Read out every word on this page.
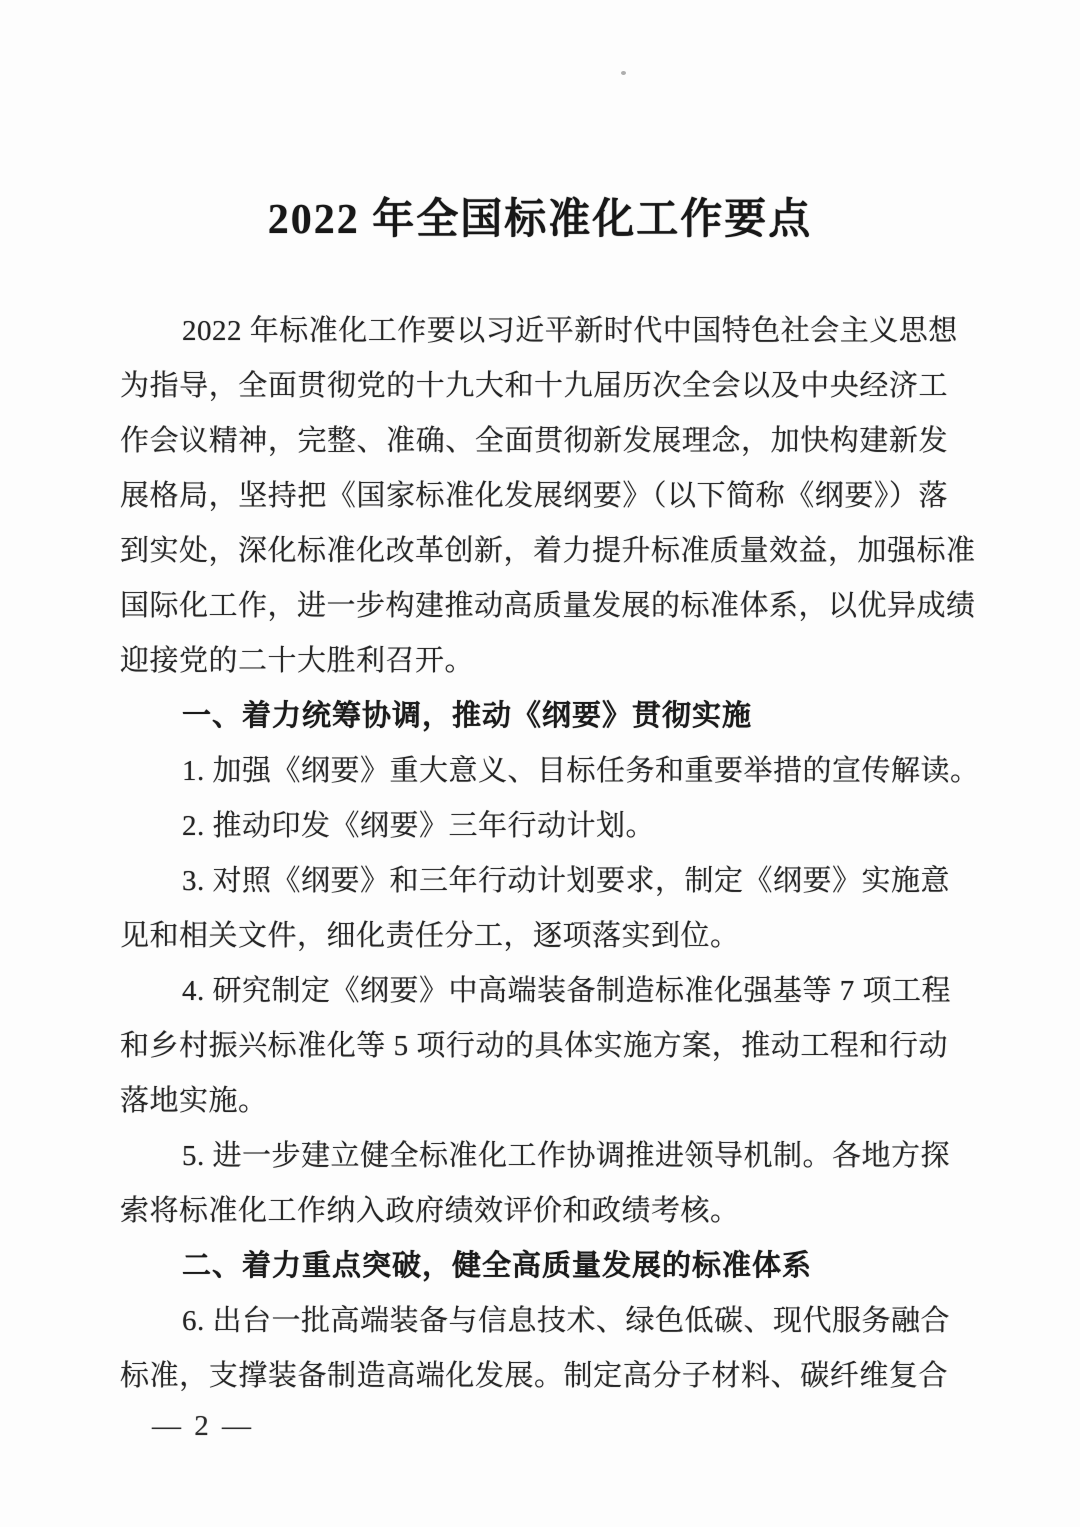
2022 年全国标准化工作要点
2022 年标准化工作要以习近平新时代中国特色社会主义思想
为指导，全面贯彻党的十九大和十九届历次全会以及中央经济工
作会议精神，完整、准确、全面贯彻新发展理念，加快构建新发
展格局，坚持把《国家标准化发展纲要》（以下简称《纲要》）落
到实处，深化标准化改革创新，着力提升标准质量效益，加强标准
国际化工作，进一步构建推动高质量发展的标准体系，以优异成绩
迎接党的二十大胜利召开。
一、着力统筹协调，推动《纲要》贯彻实施
1. 加强《纲要》重大意义、目标任务和重要举措的宣传解读。
2. 推动印发《纲要》三年行动计划。
3. 对照《纲要》和三年行动计划要求，制定《纲要》实施意
见和相关文件，细化责任分工，逐项落实到位。
4. 研究制定《纲要》中高端装备制造标准化强基等 7 项工程
和乡村振兴标准化等 5 项行动的具体实施方案，推动工程和行动
落地实施。
5. 进一步建立健全标准化工作协调推进领导机制。各地方探
索将标准化工作纳入政府绩效评价和政绩考核。
二、着力重点突破，健全高质量发展的标准体系
6. 出台一批高端装备与信息技术、绿色低碳、现代服务融合
标准，支撑装备制造高端化发展。制定高分子材料、碳纤维复合
— 2 —
